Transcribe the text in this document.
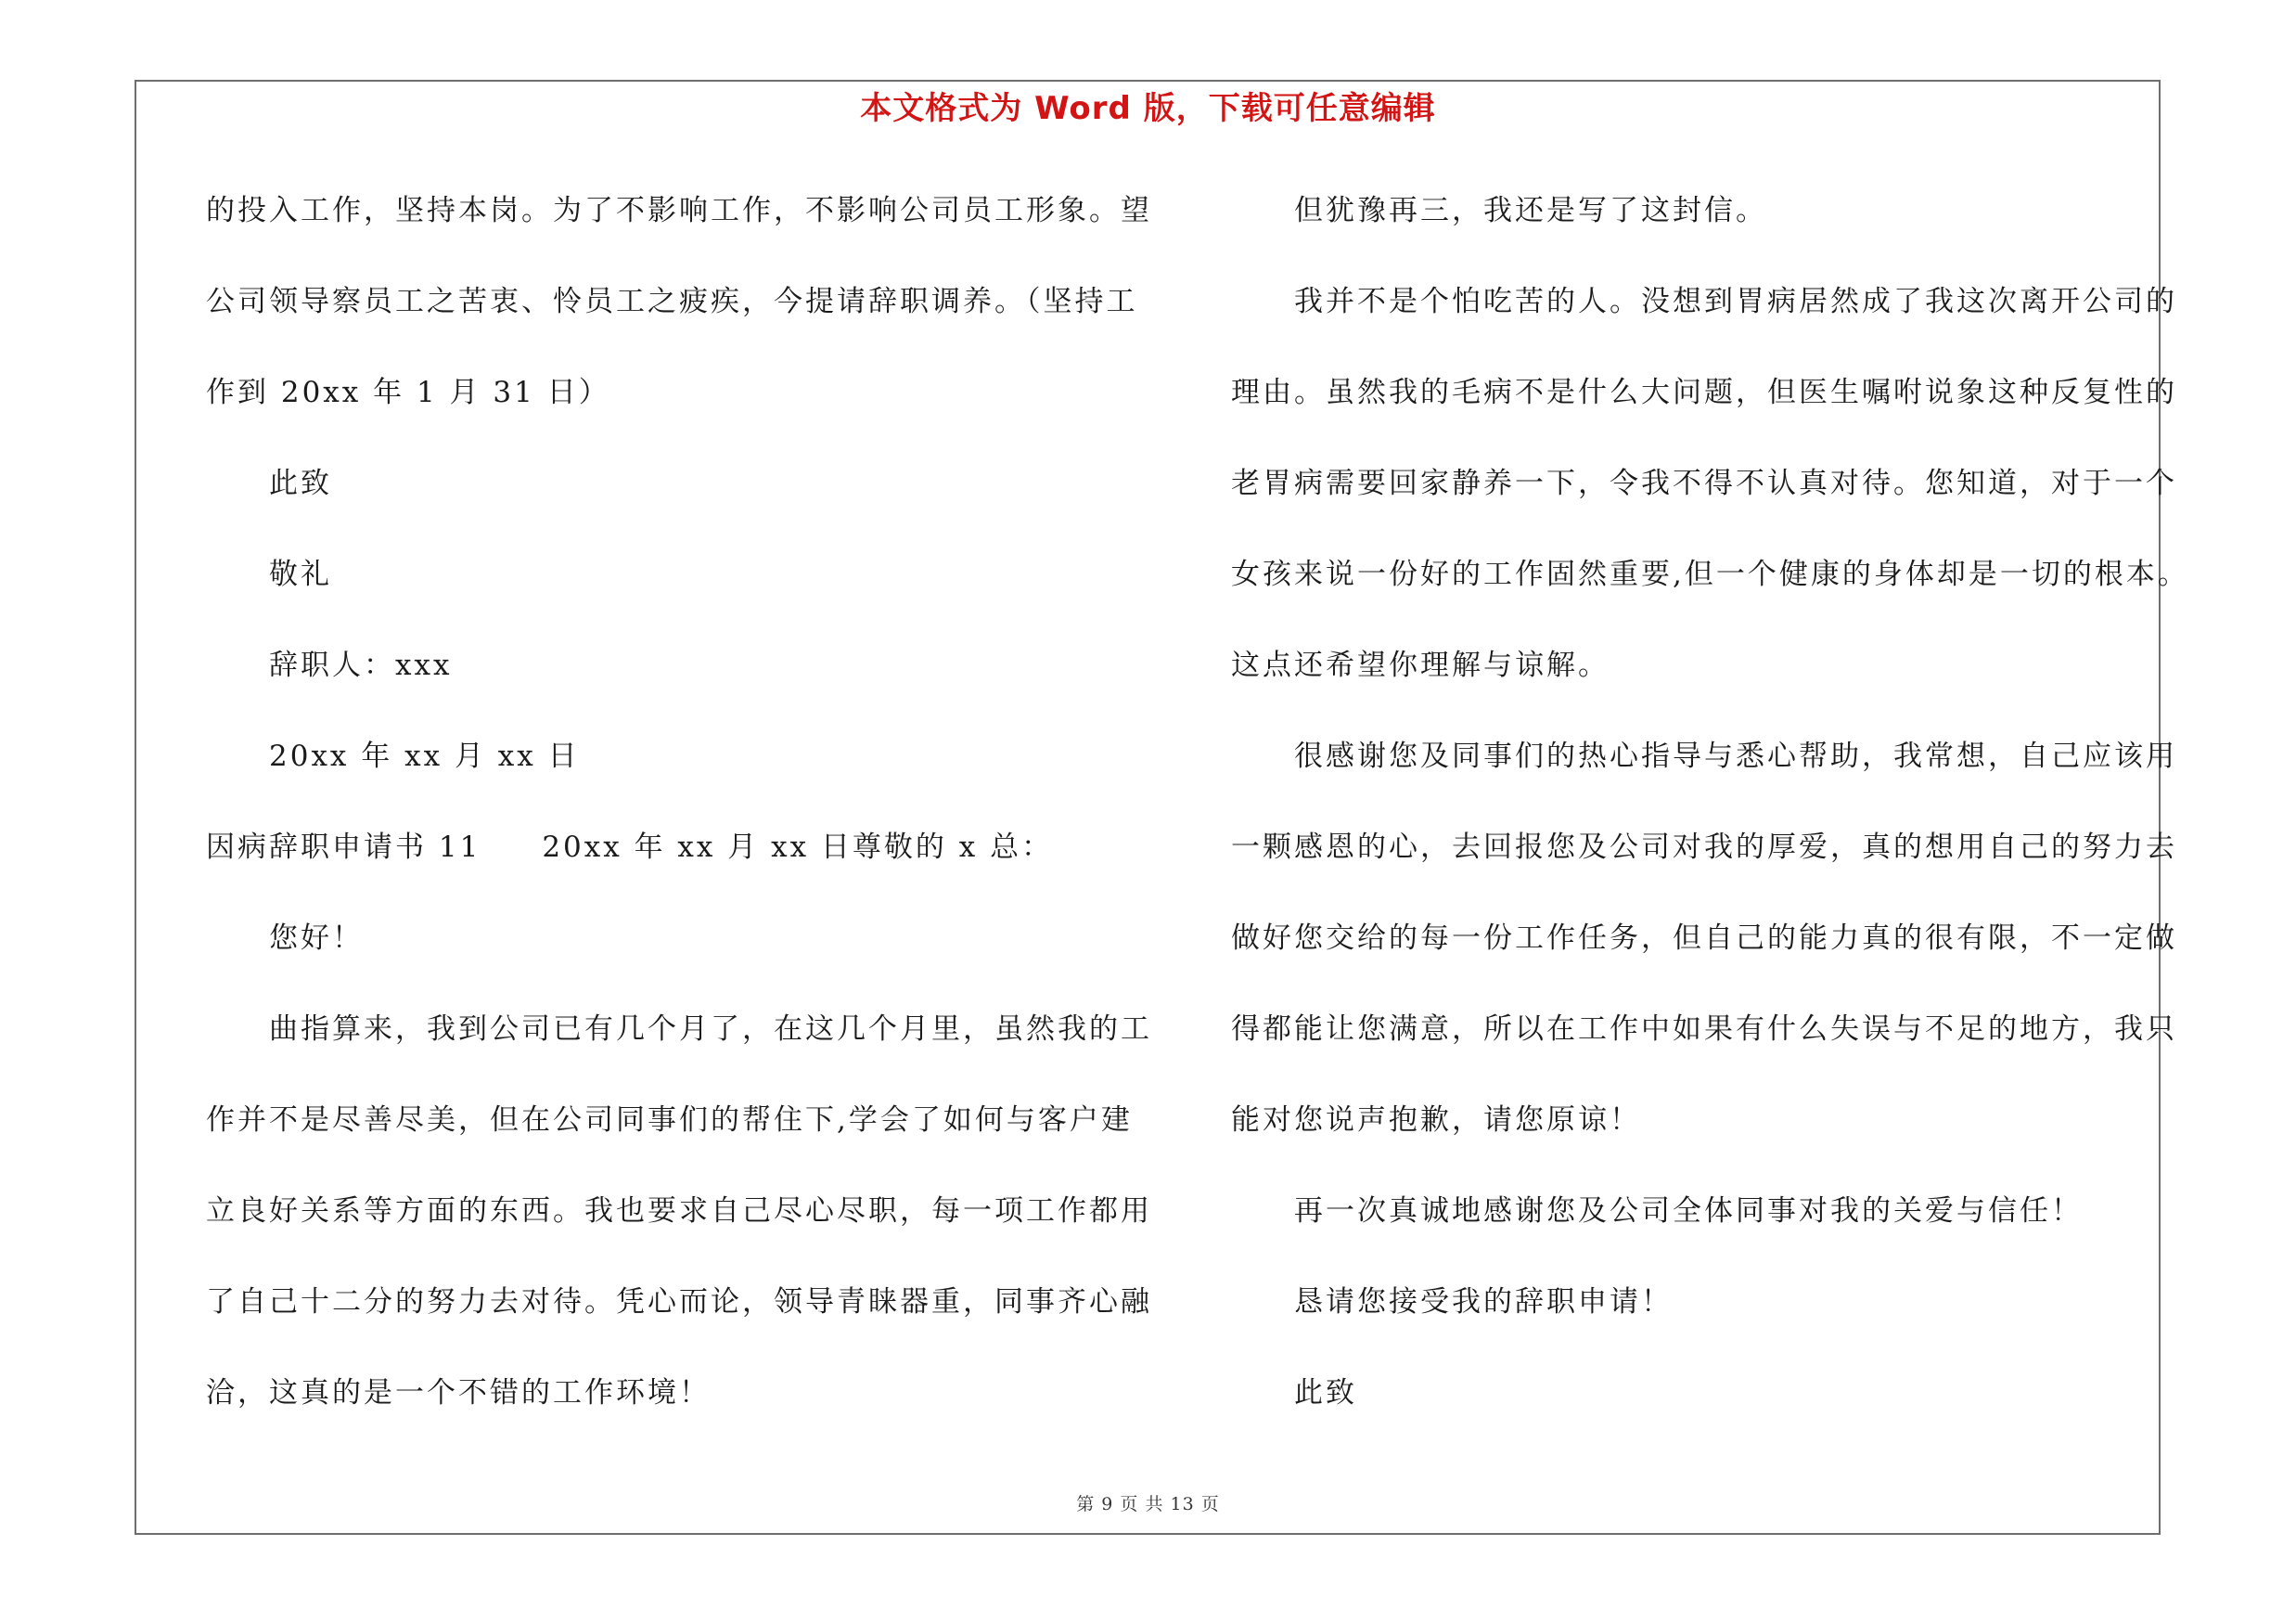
本文格式为 Word 版，下载可任意编辑
的投入工作，坚持本岗。为了不影响工作，不影响公司员工形象。望
公司领导察员工之苦衷、怜员工之疲疾，今提请辞职调养。（坚持工
作到 20xx 年 1 月 31 日）
此致
敬礼
辞职人：xxx
20xx 年 xx 月 xx 日
因病辞职申请书 11 20xx 年 xx 月 xx 日尊敬的 x 总：
您好！
曲指算来，我到公司已有几个月了，在这几个月里，虽然我的工
作并不是尽善尽美，但在公司同事们的帮住下,学会了如何与客户建
立良好关系等方面的东西。我也要求自己尽心尽职，每一项工作都用
了自己十二分的努力去对待。凭心而论，领导青睐器重，同事齐心融
洽，这真的是一个不错的工作环境！
但犹豫再三，我还是写了这封信。
我并不是个怕吃苦的人。没想到胃病居然成了我这次离开公司的
理由。虽然我的毛病不是什么大问题，但医生嘱咐说象这种反复性的
老胃病需要回家静养一下，令我不得不认真对待。您知道，对于一个
女孩来说一份好的工作固然重要,但一个健康的身体却是一切的根本。
这点还希望你理解与谅解。
很感谢您及同事们的热心指导与悉心帮助，我常想，自己应该用
一颗感恩的心，去回报您及公司对我的厚爱，真的想用自己的努力去
做好您交给的每一份工作任务，但自己的能力真的很有限，不一定做
得都能让您满意，所以在工作中如果有什么失误与不足的地方，我只
能对您说声抱歉，请您原谅！
再一次真诚地感谢您及公司全体同事对我的关爱与信任！
恳请您接受我的辞职申请！
此致
第 9 页 共 13 页
